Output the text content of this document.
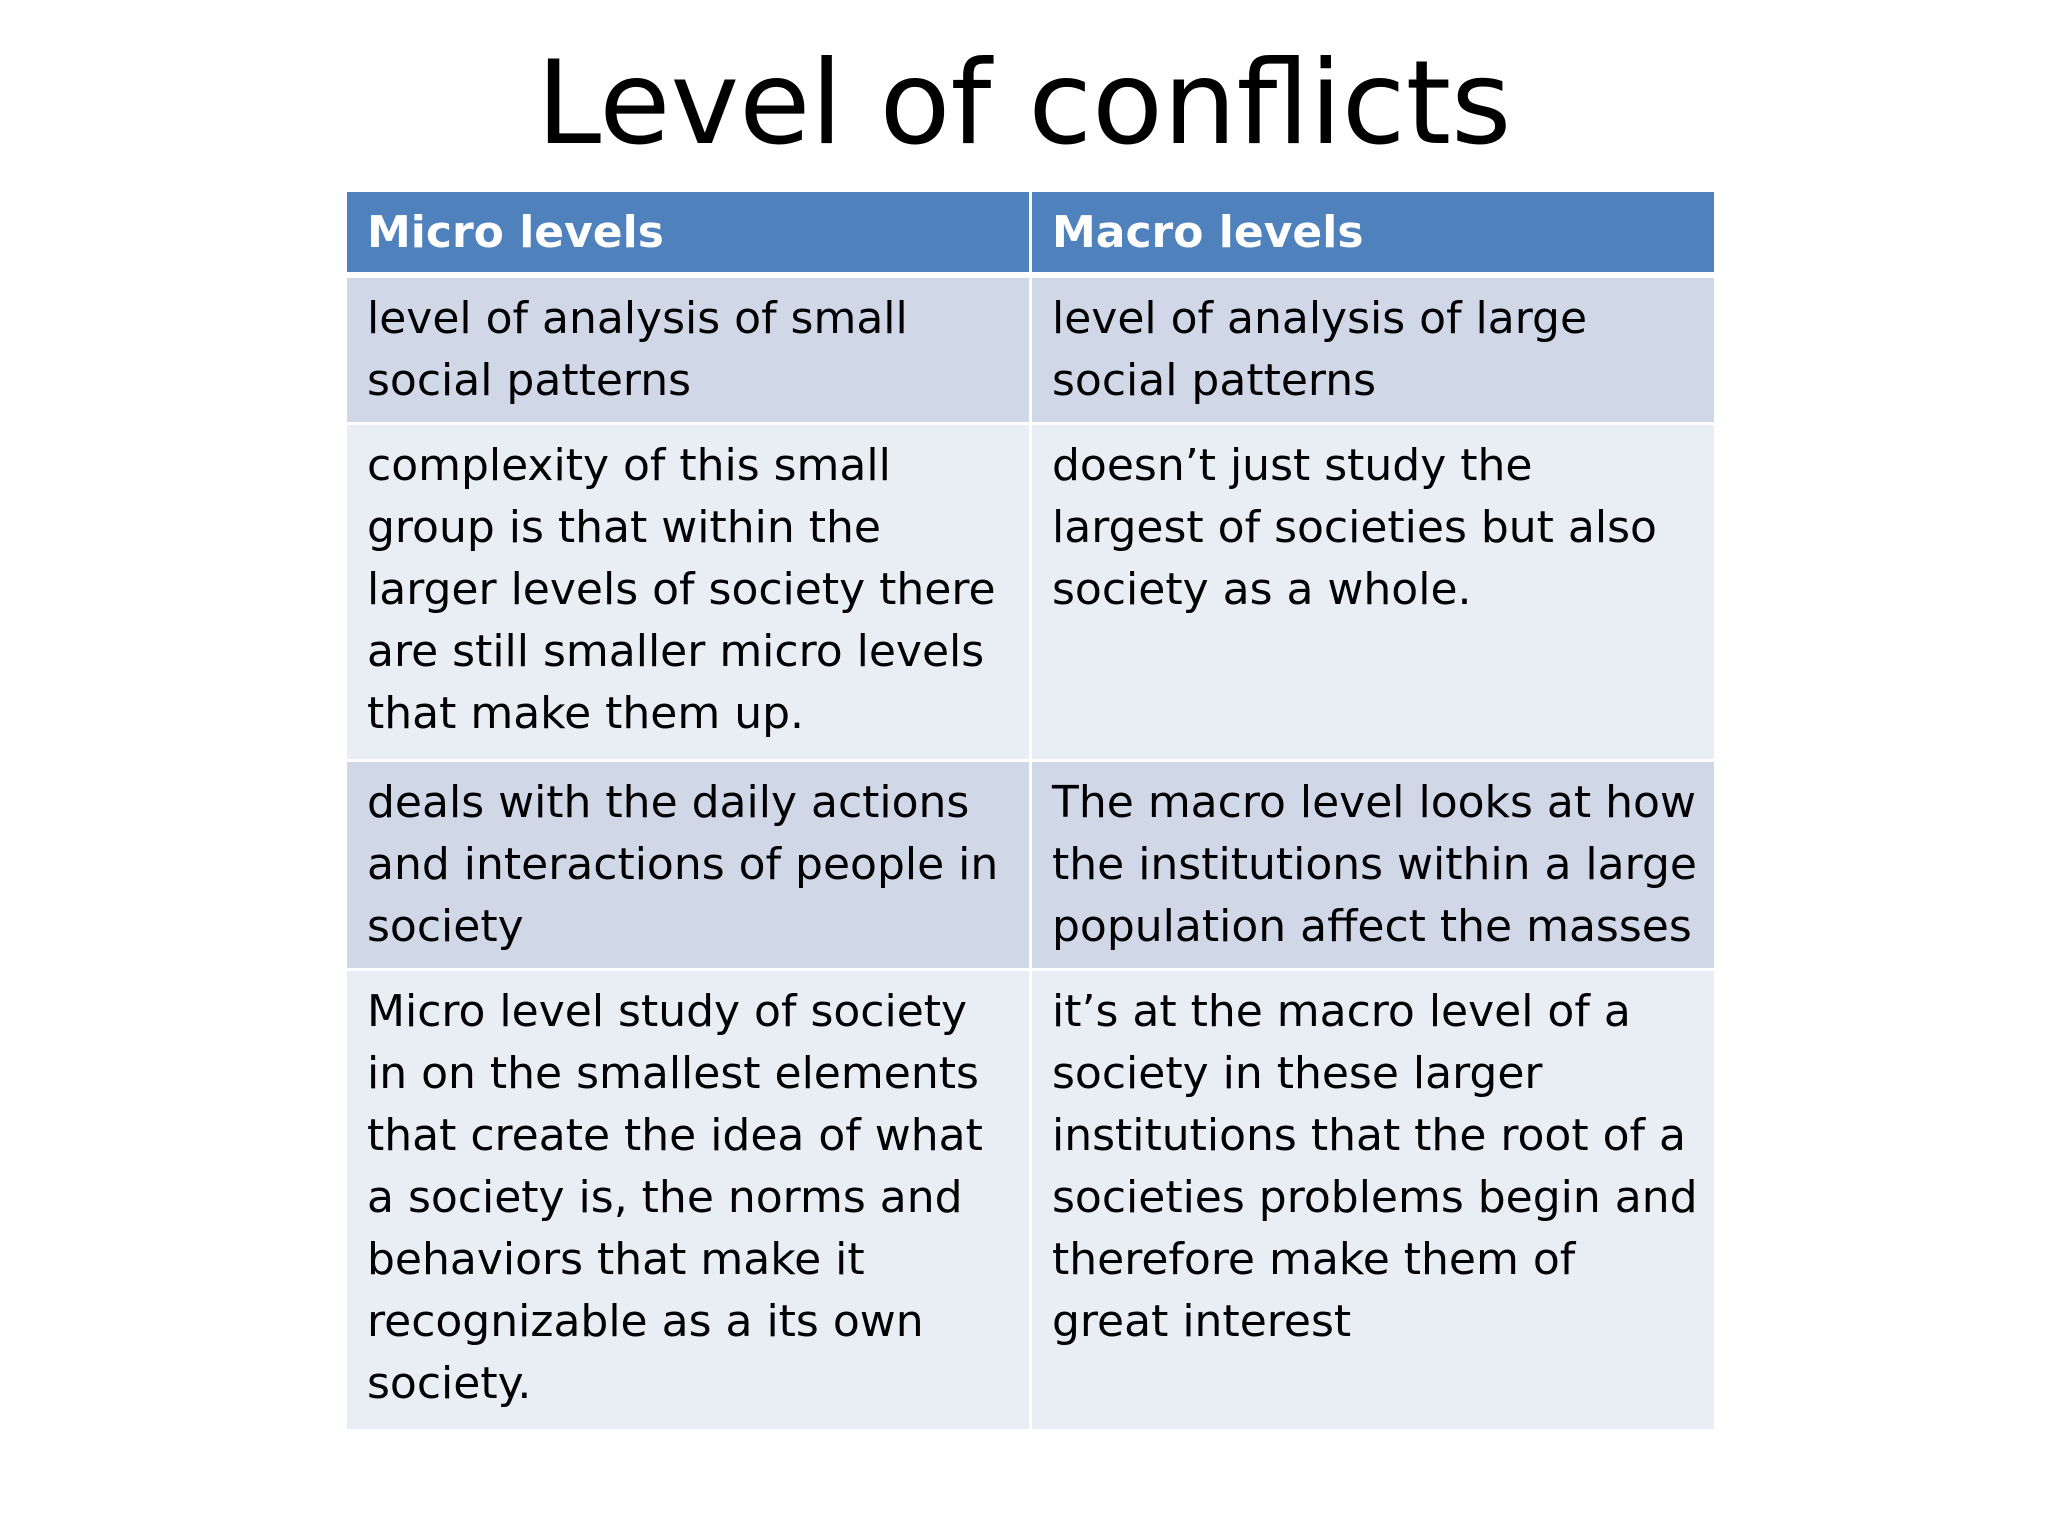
Level of conflicts
Micro levels	Macro levels
level of analysis of small social patterns	level of analysis of large social patterns
complexity of this small group is that within the larger levels of society there are still smaller micro levels that make them up.	doesn’t just study the largest of societies but also society as a whole.
deals with the daily actions and interactions of people in society	The macro level looks at how the institutions within a large population affect the masses
Micro level study of society in on the smallest elements that create the idea of what a society is, the norms and behaviors that make it recognizable as a its own society.	it’s at the macro level of a society in these larger institutions that the root of a societies problems begin and therefore make them of great interest
